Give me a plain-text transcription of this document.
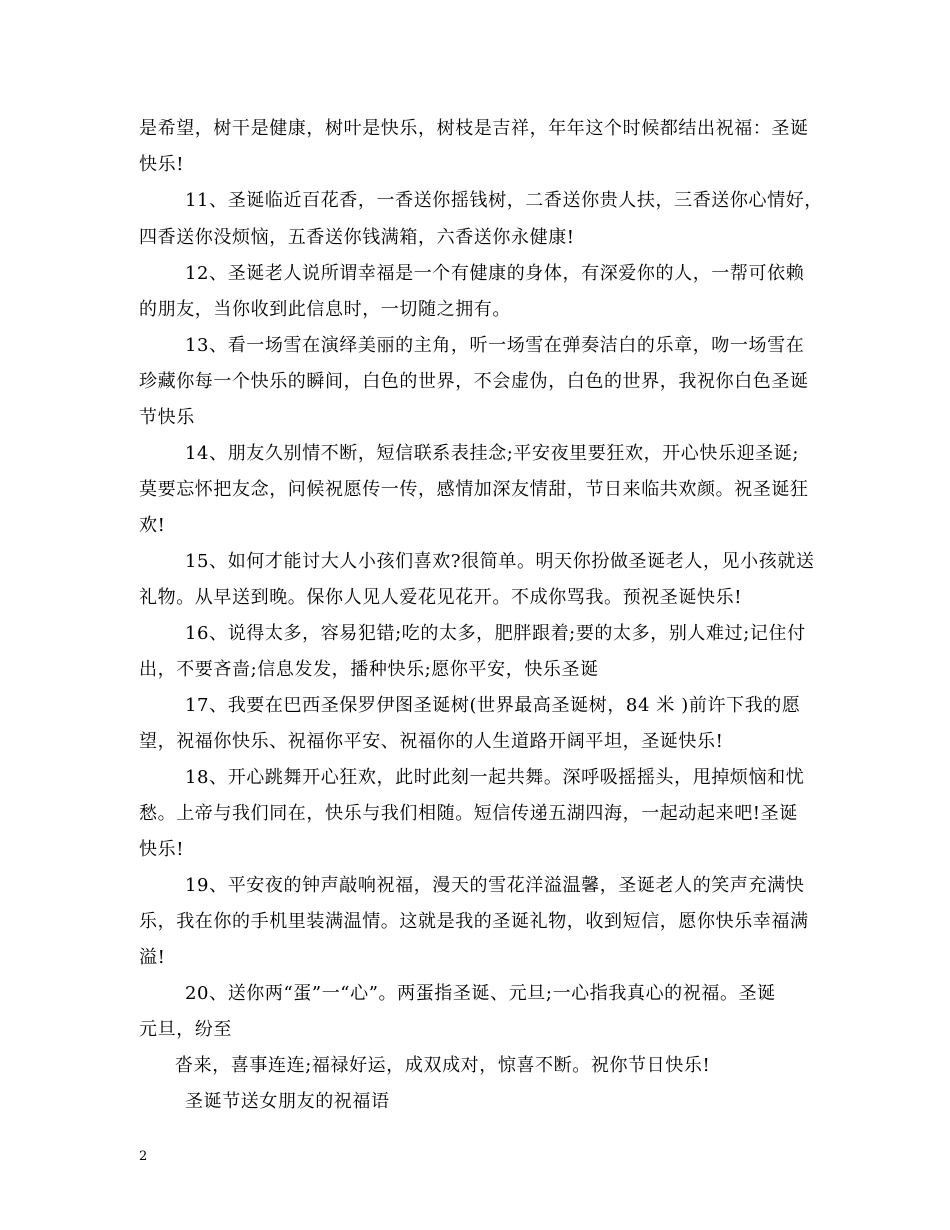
是希望，树干是健康，树叶是快乐，树枝是吉祥，年年这个时候都结出祝福：圣诞
快乐!
11、圣诞临近百花香，一香送你摇钱树，二香送你贵人扶，三香送你心情好，
四香送你没烦恼，五香送你钱满箱，六香送你永健康!
12、圣诞老人说所谓幸福是一个有健康的身体，有深爱你的人，一帮可依赖
的朋友，当你收到此信息时，一切随之拥有。
13、看一场雪在演绎美丽的主角，听一场雪在弹奏洁白的乐章，吻一场雪在
珍藏你每一个快乐的瞬间，白色的世界，不会虚伪，白色的世界，我祝你白色圣诞
节快乐
14、朋友久别情不断，短信联系表挂念;平安夜里要狂欢，开心快乐迎圣诞;
莫要忘怀把友念，问候祝愿传一传，感情加深友情甜，节日来临共欢颜。祝圣诞狂
欢!
15、如何才能讨大人小孩们喜欢?很简单。明天你扮做圣诞老人，见小孩就送
礼物。从早送到晚。保你人见人爱花见花开。不成你骂我。预祝圣诞快乐!
16、说得太多，容易犯错;吃的太多，肥胖跟着;要的太多，别人难过;记住付
出，不要吝啬;信息发发，播种快乐;愿你平安，快乐圣诞
17、我要在巴西圣保罗伊图圣诞树(世界最高圣诞树，84 米 )前许下我的愿
望，祝福你快乐、祝福你平安、祝福你的人生道路开阔平坦，圣诞快乐!
18、开心跳舞开心狂欢，此时此刻一起共舞。深呼吸摇摇头，甩掉烦恼和忧
愁。上帝与我们同在，快乐与我们相随。短信传递五湖四海，一起动起来吧!圣诞
快乐!
19、平安夜的钟声敲响祝福，漫天的雪花洋溢温馨，圣诞老人的笑声充满快
乐，我在你的手机里装满温情。这就是我的圣诞礼物，收到短信，愿你快乐幸福满
溢!
20、送你两“蛋”一“心”。两蛋指圣诞、元旦;一心指我真心的祝福。圣诞
元旦，纷至
沓来，喜事连连;福禄好运，成双成对，惊喜不断。祝你节日快乐!
圣诞节送女朋友的祝福语
2
